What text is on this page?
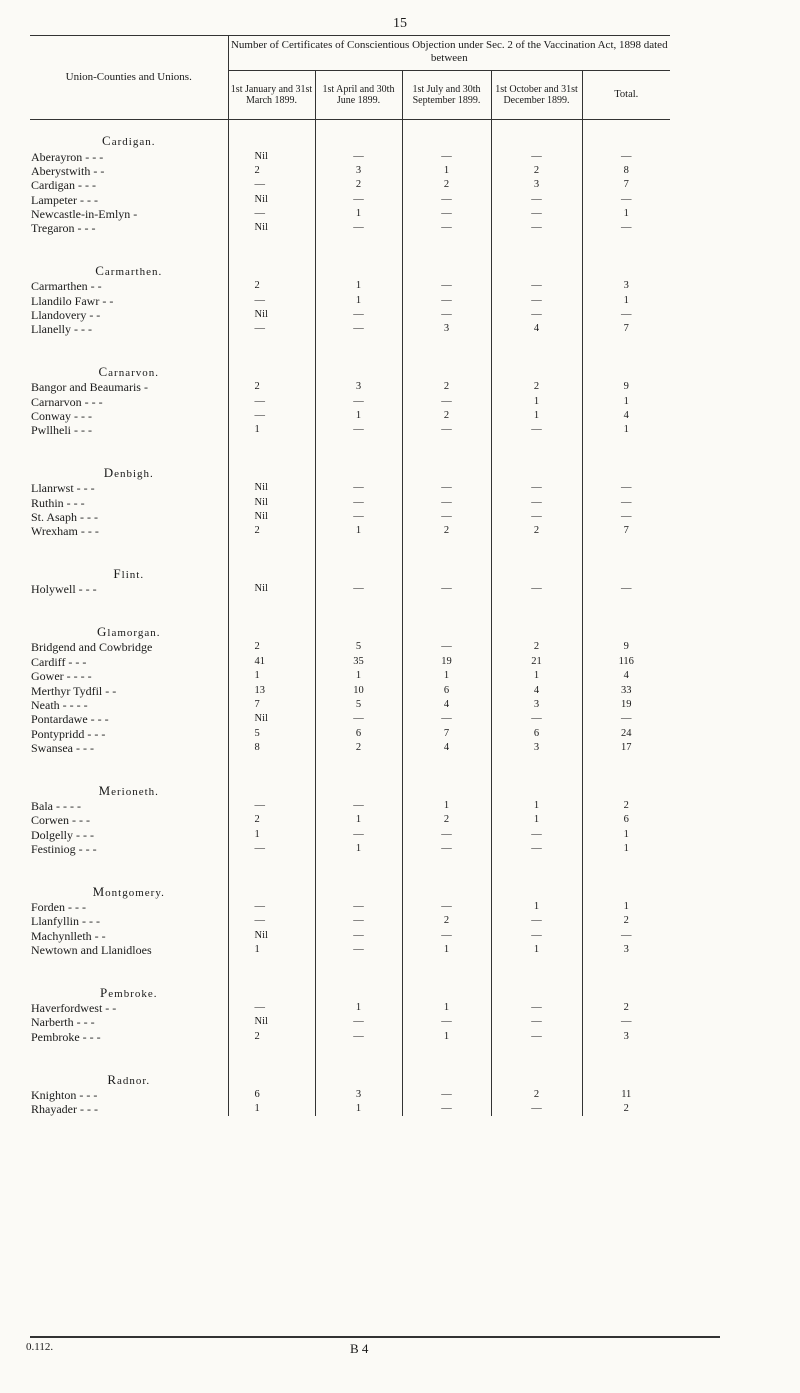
15
Union-Counties and Unions.	Number of Certificates of Conscientious Objection under Sec. 2 of the Vaccination Act, 1898 dated between				
	1st January and 31st March 1899.	1st April and 30th June 1899.	1st July and 30th September 1899.	1st October and 31st December 1899.	Total.

Cardigan.					
Aberayron - - -	Nil	—	—	—	—
Aberystwith - -	2	3	1	2	8
Cardigan - - -	—	2	2	3	7
Lampeter - - -	Nil	—	—	—	—
Newcastle-in-Emlyn -	—	1	—	—	1
Tregaron - - -	Nil	—	—	—	—

Carmarthen.					
Carmarthen - -	2	1	—	—	3
Llandilo Fawr - -	—	1	—	—	1
Llandovery - -	Nil	—	—	—	—
Llanelly - - -	—	—	3	4	7

Carnarvon.					
Bangor and Beaumaris -	2	3	2	2	9
Carnarvon - - -	—	—	—	1	1
Conway - - -	—	1	2	1	4
Pwllheli - - -	1	—	—	—	1

Denbigh.					
Llanrwst - - -	Nil	—	—	—	—
Ruthin - - -	Nil	—	—	—	—
St. Asaph - - -	Nil	—	—	—	—
Wrexham - - -	2	1	2	2	7

Flint.					
Holywell - - -	Nil	—	—	—	—

Glamorgan.					
Bridgend and Cowbridge	2	5	—	2	9
Cardiff - - -	41	35	19	21	116
Gower - - - -	1	1	1	1	4
Merthyr Tydfil - -	13	10	6	4	33
Neath - - - -	7	5	4	3	19
Pontardawe - - -	Nil	—	—	—	—
Pontypridd - - -	5	6	7	6	24
Swansea - - -	8	2	4	3	17

Merioneth.					
Bala - - - -	—	—	1	1	2
Corwen - - -	2	1	2	1	6
Dolgelly - - -	1	—	—	—	1
Festiniog - - -	—	1	—	—	1

Montgomery.					
Forden - - -	—	—	—	1	1
Llanfyllin - - -	—	—	2	—	2
Machynlleth - -	Nil	—	—	—	—
Newtown and Llanidloes	1	—	1	1	3

Pembroke.					
Haverfordwest - -	—	1	1	—	2
Narberth - - -	Nil	—	—	—	—
Pembroke - - -	2	—	1	—	3

Radnor.					
Knighton - - -	6	3	—	2	11
Rhayader - - -	1	1	—	—	2
0.112.	B 4
